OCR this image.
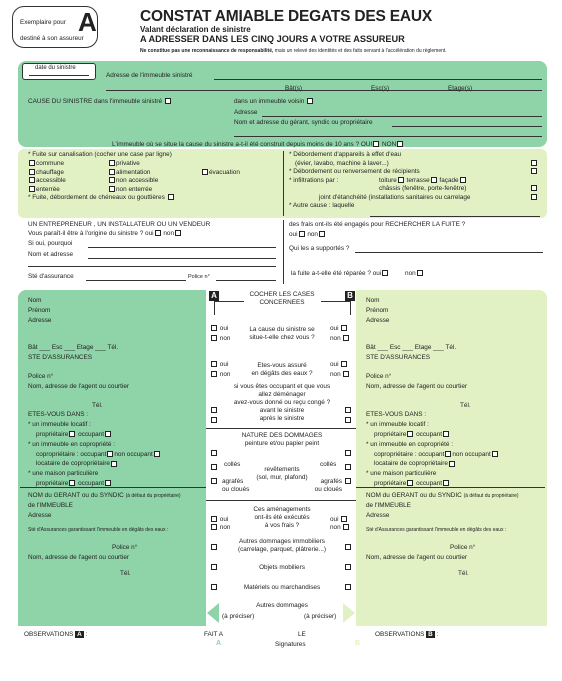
Exemplaire pour
destiné à son assureur
A	CONSTAT AMIABLE DEGATS DES EAUX
Valant déclaration de sinistre
A ADRESSER DANS LES CINQ JOURS A VOTRE ASSUREUR
Ne constitue pas une reconnaissance de responsabilité, mais un relevé des identités et des faits servant à l'accélération du règlement.
date du sinistre
Adresse de l'immeuble sinistré
Bât(s)	Esc(s)	Etage(s)
CAUSE DU SINISTRE dans l'immeuble sinistré	dans un immeuble voisin
Adresse
Nom et adresse du gérant, syndic ou propriétaire
L'immeuble où se situe la cause du sinistre a-t-il été construit depuis moins de 10 ans ? OUI NON
* Fuite sur canalisation (cocher une case par ligne)
commune	privative
chauffage	alimentation	évacuation
accessible	non accessible
enterrée	non enterrée
* Fuite, débordement de chéneaux ou gouttières
* Débordement d'appareils à effet d'eau
(évier, lavabo, machine à laver...)
* Débordement ou renversement de récipients
* infiltrations par :	toiture terrasse façade
châssis (fenêtre, porte-fenêtre)
joint d'étanchéité (installations sanitaires ou carrelage
* Autre cause : laquelle
UN ENTREPRENEUR , UN INSTALLATEUR OU UN VENDEUR
Vous paraît-il être à l'origine du sinistre ? oui non
Si oui, pourquoi
Nom et adresse
Sté d'assurance	Police n°
des frais ont-ils été engagés pour RECHERCHER LA FUITE ?
oui non
Qui les a supportés ?
la fuite a-t-elle été réparée ? oui	non
Nom
Prénom
Adresse
Bât ___ Esc ___ Etage ___ Tél.
STE D'ASSURANCES
Police n°
Nom, adresse de l'agent ou courtier
Tél.
ETES-VOUS DANS :
* un immeuble locatif :
propriétaire occupant
* un immeuble en copropriété :
copropriétaire : occupant non occupant
locataire de copropriétaire
* une maison particulière
propriétaire occupant
NOM du GERANT ou du SYNDIC (à défaut du propriétaire)
de l'IMMEUBLE
Adresse
Sté d'Assurances garantissant l'immeuble en dégâts des eaux :
Police n°
Nom, adresse de l'agent ou courtier
Tél.
Nom
Prénom
Adresse
Bât ___ Esc ___ Etage ___ Tél.
STE D'ASSURANCES
Police n°
Nom, adresse de l'agent ou courtier
Tél.
ETES-VOUS DANS :
* un immeuble locatif :
propriétaire occupant
* un immeuble en copropriété :
copropriétaire : occupant non occupant
locataire de copropriétaire
* une maison particulière
propriétaire occupant
NOM du GERANT ou du SYNDIC (à défaut du propriétaire)
de l'IMMEUBLE
Adresse
Sté d'Assurances garantissant l'immeuble en dégâts des eaux :
Police n°
Nom, adresse de l'agent ou courtier
Tél.
A	B
COCHER LES CASES
CONCERNEES
oui
non
La cause du sinistre se
situe-t-elle chez vous ?
oui
non
oui
non
Etes-vous assuré
en dégâts des eaux ?
oui
non
si vous êtes occupant et que vous
allez déménager
avez-vous donné ou reçu congé ?
avant le sinistre
après le sinistre
NATURE DES DOMMAGES
peinture et/ou papier peint
collés
revêtements
(sol, mur, plafond)
collés
agrafés ou cloués
agrafés ou cloués
Ces aménagements
ont-ils été exécutés
à vos frais ?
oui
non
oui
non
Autres dommages immobiliers
(carrelage, parquet, plâtrerie...)
Objets mobiliers
Matériels ou marchandises
Autres dommages
(à préciser)	(à préciser)
OBSERVATIONS A :	FAIT A
A
LE
Signatures	B
OBSERVATIONS B :
